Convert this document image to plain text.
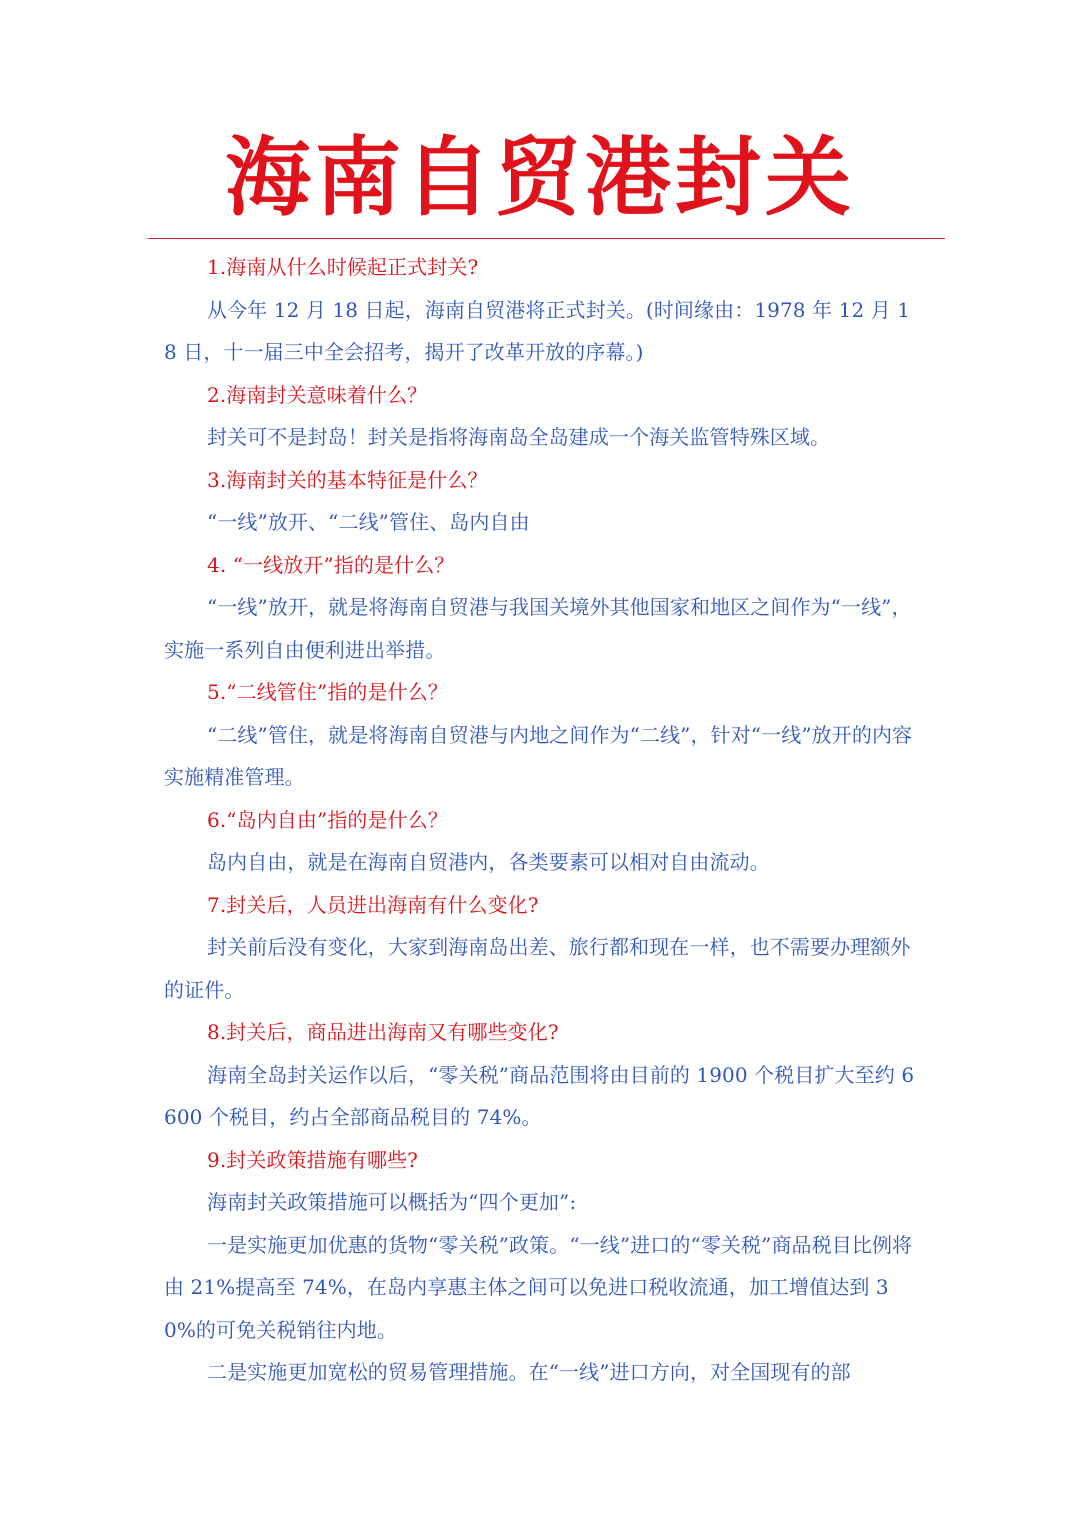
海南自贸港封关

1.海南从什么时候起正式封关?

从今年 12 月 18 日起，海南自贸港将正式封关。(时间缘由：1978 年 12 月 18 日，十一届三中全会招考，揭开了改革开放的序幕。)

2.海南封关意味着什么？

封关可不是封岛！封关是指将海南岛全岛建成一个海关监管特殊区域。

3.海南封关的基本特征是什么？

“一线”放开、“二线”管住、岛内自由

4. “一线放开”指的是什么？

“一线”放开，就是将海南自贸港与我国关境外其他国家和地区之间作为“一线”，实施一系列自由便利进出举措。

5.“二线管住”指的是什么？

“二线”管住，就是将海南自贸港与内地之间作为“二线”，针对“一线”放开的内容实施精准管理。

6.“岛内自由”指的是什么？

岛内自由，就是在海南自贸港内，各类要素可以相对自由流动。

7.封关后，人员进出海南有什么变化?

封关前后没有变化，大家到海南岛出差、旅行都和现在一样，也不需要办理额外的证件。

8.封关后，商品进出海南又有哪些变化?

海南全岛封关运作以后，“零关税”商品范围将由目前的 1900 个税目扩大至约 6600 个税目，约占全部商品税目的 74%。

9.封关政策措施有哪些?

海南封关政策措施可以概括为“四个更加”:

一是实施更加优惠的货物“零关税”政策。“一线”进口的“零关税”商品税目比例将由 21%提高至 74%，在岛内享惠主体之间可以免进口税收流通，加工增值达到 30%的可免关税销往内地。

二是实施更加宽松的贸易管理措施。在“一线”进口方向，对全国现有的部
